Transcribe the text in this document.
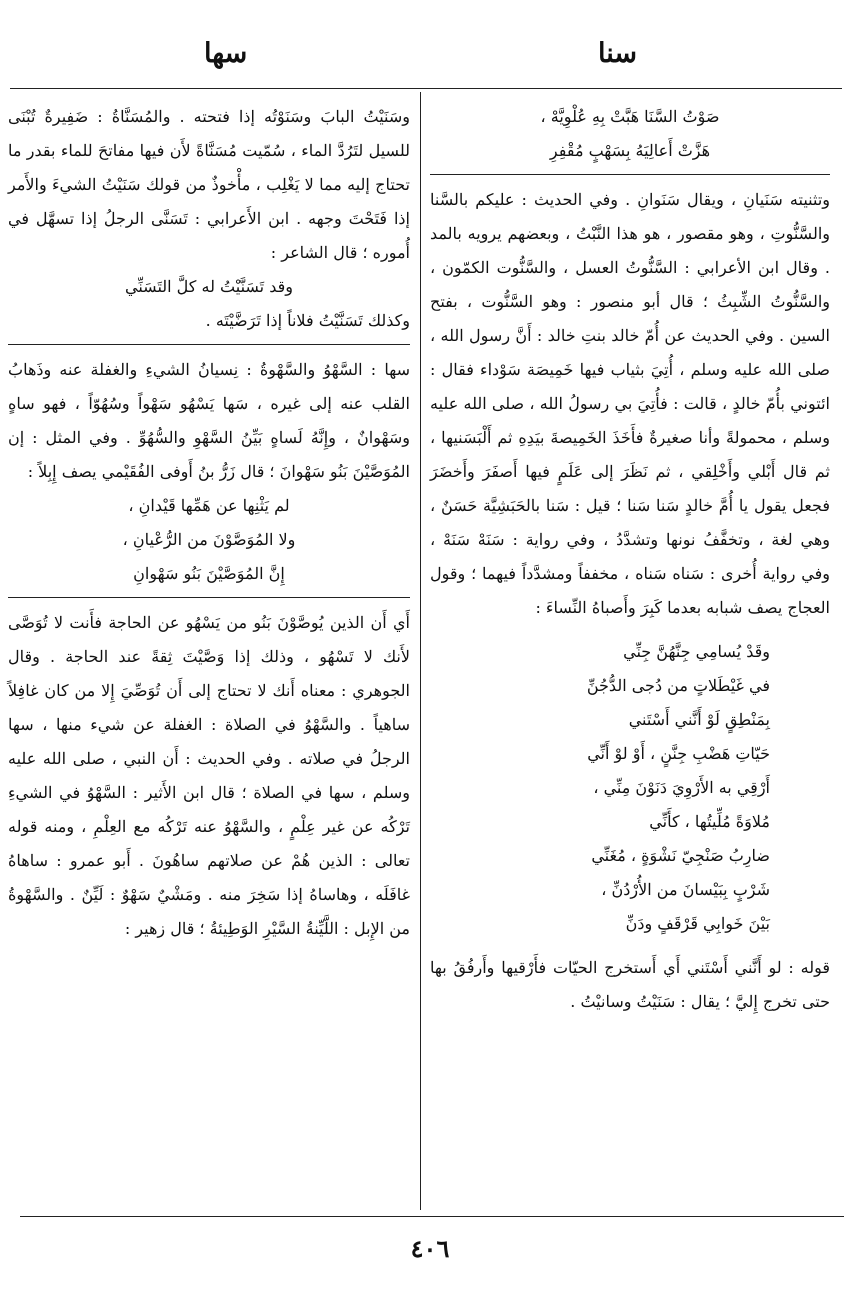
سنا
سها
صَوْتُ السَّنَا هَبَّتْ بِهِ عُلْوِيَّهْ ،
هَزَّتْ أَعالِيَهُ بِسَهْبٍ مُقْفِرِ

وتثنيته سَنَيانِ ، ويقال سَنَوانِ . وفي الحديث : عليكم بالسَّنا والسَّنُّوتِ ، وهو مقصور ، هو هذا النَّبْتُ ، وبعضهم يرويه بالمد . وقال ابن الأعرابي : السَّنُّوتُ العسل ، والسَّنُّوت الكمّون ، والسَّنُّوتُ الشِّبِثُ ؛ قال أبو منصور : وهو السَّنُّوت ، بفتح السين . وفي الحديث عن أُمّ خالد بنتِ خالد : أَنَّ رسول الله ، صلى الله عليه وسلم ، أُتِيَ بثياب فيها خَمِيصَة سَوْداء فقال : ائتوني بأُمّ خالدٍ ، قالت : فأُتِيَ بي رسولُ الله ، صلى الله عليه وسلم ، محمولةً وأنا صغيرةٌ فأَخَذَ الخَمِيصةَ بيَدِهِ ثم أَلْبَسَنيها ، ثم قال أَبْلي وأَخْلِقي ، ثم نَظَرَ إلى عَلَمٍ فيها أَصفَرَ وأَخضَرَ فجعل يقول يا أُمَّ خالدٍ سَنا سَنا ؛ قيل : سَنا بالحَبَشِيَّة حَسَنٌ ، وهي لغة ، وتخفَّفُ نونها وتشدَّدُ ، وفي رواية : سَنَهْ سَنَهْ ، وفي رواية أُخرى : سَناه سَناه ، مخففاً ومشدَّداً فيهما ؛ وقول العجاج يصف شبابه بعدما كَبِرَ وأَصباهُ النِّساءَ :

وقَدْ يُسامِي جِنَّهُنَّ جِنِّي
في غَيْطَلاتٍ من دُجى الدُّجُنِّ
بِمَنْطِقٍ لَوْ أَنَّني أَسْتَني
حَيّاتِ هَضْبِ جِنَّنٍ ، أَوْ لوْ أَنِّي
أَرْقِي به الأَرْوِيَ دَنَوْنَ مِنِّي ،
مُلاوَةً مُلِّيتُها ، كأَنِّي
ضارِبُ صَنْجِيّ نَشْوَةٍ ، مُغَنِّي
شَرْبٍ بِبَيْسانَ من الأُرْدُنِّ ،
بَيْنَ خَوابِي قَرْقَفٍ ودَنِّ

قوله : لو أَنَّني أَسْتَني أَي أَستخرج الحيّات فأَرْقيها وأَرفُقُ بها حتى تخرج إِليَّ ؛ يقال : سَنَيْتُ وسانيْتُ .

وسَنَيْتُ البابَ وسَنَوْتُه إذا فتحته . والمُسَنَّاةُ : ضَفِيرةٌ تُبْنَى للسيل لتَرُدَّ الماء ، سُمّيت مُسَنَّاةً لأَن فيها مفاتحَ للماء بقدر ما تحتاج إليه مما لا يَغْلِب ، مأْخوذٌ من قولك سَنَيْتُ الشيءَ والأَمر إذا فَتَحْتَ وجهه . ابن الأَعرابي : تَسَنَّى الرجلُ إذا تسهَّل في أُموره ؛ قال الشاعر :

وقد تَسَنَّيْتُ له كلَّ التَسَنِّي

وكذلك تَسَنَّيْتُ فلاناً إذا تَرَضَّيْتَه .

سها : السَّهْوُ والسَّهْوةُ : نِسيانُ الشيءِ والغفلة عنه وذَهابُ القلب عنه إلى غيره ، سَها يَسْهُو سَهْواً وسُهُوّاً ، فهو ساهٍ وسَهْوانٌ ، وإِنَّهُ لَساهٍ بَيِّنُ السَّهْوِ والسُّهُوِّ . وفي المثل : إن المُوَصَّيْنَ بَنُو سَهْوانَ ؛ قال زَرُّ بنُ أَوفى الفُقَيْمي يصف إِبِلاً :

لم يَثْنِها عن هَمِّها قَيْدانِ ،
ولا المُوَصَّوْنَ من الرُّعْيانِ ،
إِنَّ المُوَصَّيْنَ بَنُو سَهْوانِ

أَي أَن الذين يُوصَّوْنَ بَنُو من يَسْهُو عن الحاجة فأَنت لا تُوَصَّى لأَنك لا تَسْهُو ، وذلك إذا وَصَّيْتَ ثِقةً عند الحاجة . وقال الجوهري : معناه أَنك لا تحتاج إلى أَن تُوَصِّيَ إِلا من كان غافِلاً ساهياً . والسَّهْوُ في الصلاة : الغفلة عن شيء منها ، سها الرجلُ في صلاته . وفي الحديث : أَن النبي ، صلى الله عليه وسلم ، سها في الصلاة ؛ قال ابن الأَثير : السَّهْوُ في الشيءِ تَرْكُه عن غير عِلْمٍ ، والسَّهْوُ عنه تَرْكُه مع العِلْمِ ، ومنه قوله تعالى : الذين هُمْ عن صلاتهم ساهُونَ . أَبو عمرو : ساهاهُ غافَلَه ، وهاساهُ إذا سَخِرَ منه . ومَشْيٌ سَهْوٌ : لَيِّنٌ . والسَّهْوةُ من الإِبل : اللَّيِّنةُ السَّيْرِ الوَطِيئةُ ؛ قال زهير :

٤٠٦
